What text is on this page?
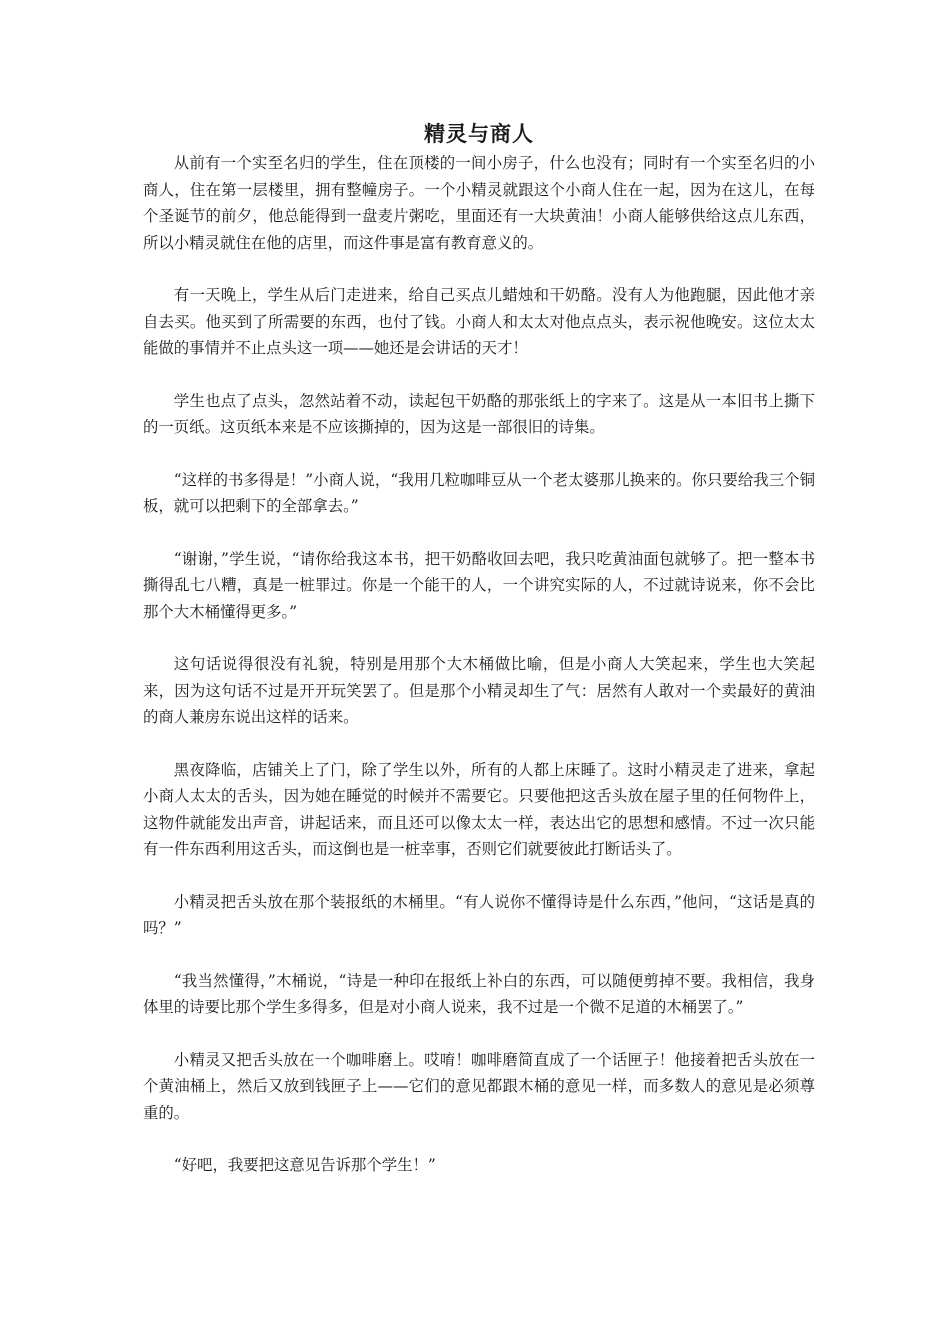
精灵与商人

从前有一个实至名归的学生，住在顶楼的一间小房子，什么也没有；同时有一个实至名归的小商人，住在第一层楼里，拥有整幢房子。一个小精灵就跟这个小商人住在一起，因为在这儿，在每个圣诞节的前夕，他总能得到一盘麦片粥吃，里面还有一大块黄油！小商人能够供给这点儿东西，所以小精灵就住在他的店里，而这件事是富有教育意义的。

有一天晚上，学生从后门走进来，给自己买点儿蜡烛和干奶酪。没有人为他跑腿，因此他才亲自去买。他买到了所需要的东西，也付了钱。小商人和太太对他点点头，表示祝他晚安。这位太太能做的事情并不止点头这一项——她还是会讲话的天才！

学生也点了点头，忽然站着不动，读起包干奶酪的那张纸上的字来了。这是从一本旧书上撕下的一页纸。这页纸本来是不应该撕掉的，因为这是一部很旧的诗集。

“这样的书多得是！”小商人说，“我用几粒咖啡豆从一个老太婆那儿换来的。你只要给我三个铜板，就可以把剩下的全部拿去。”

“谢谢，”学生说，“请你给我这本书，把干奶酪收回去吧，我只吃黄油面包就够了。把一整本书撕得乱七八糟，真是一桩罪过。你是一个能干的人，一个讲究实际的人，不过就诗说来，你不会比那个大木桶懂得更多。”

这句话说得很没有礼貌，特别是用那个大木桶做比喻，但是小商人大笑起来，学生也大笑起来，因为这句话不过是开开玩笑罢了。但是那个小精灵却生了气：居然有人敢对一个卖最好的黄油的商人兼房东说出这样的话来。

黑夜降临，店铺关上了门，除了学生以外，所有的人都上床睡了。这时小精灵走了进来，拿起小商人太太的舌头，因为她在睡觉的时候并不需要它。只要他把这舌头放在屋子里的任何物件上，这物件就能发出声音，讲起话来，而且还可以像太太一样，表达出它的思想和感情。不过一次只能有一件东西利用这舌头，而这倒也是一桩幸事，否则它们就要彼此打断话头了。

小精灵把舌头放在那个装报纸的木桶里。“有人说你不懂得诗是什么东西，”他问，“这话是真的吗？”

“我当然懂得，”木桶说，“诗是一种印在报纸上补白的东西，可以随便剪掉不要。我相信，我身体里的诗要比那个学生多得多，但是对小商人说来，我不过是一个微不足道的木桶罢了。”

小精灵又把舌头放在一个咖啡磨上。哎唷！咖啡磨简直成了一个话匣子！他接着把舌头放在一个黄油桶上，然后又放到钱匣子上——它们的意见都跟木桶的意见一样，而多数人的意见是必须尊重的。

“好吧，我要把这意见告诉那个学生！”
